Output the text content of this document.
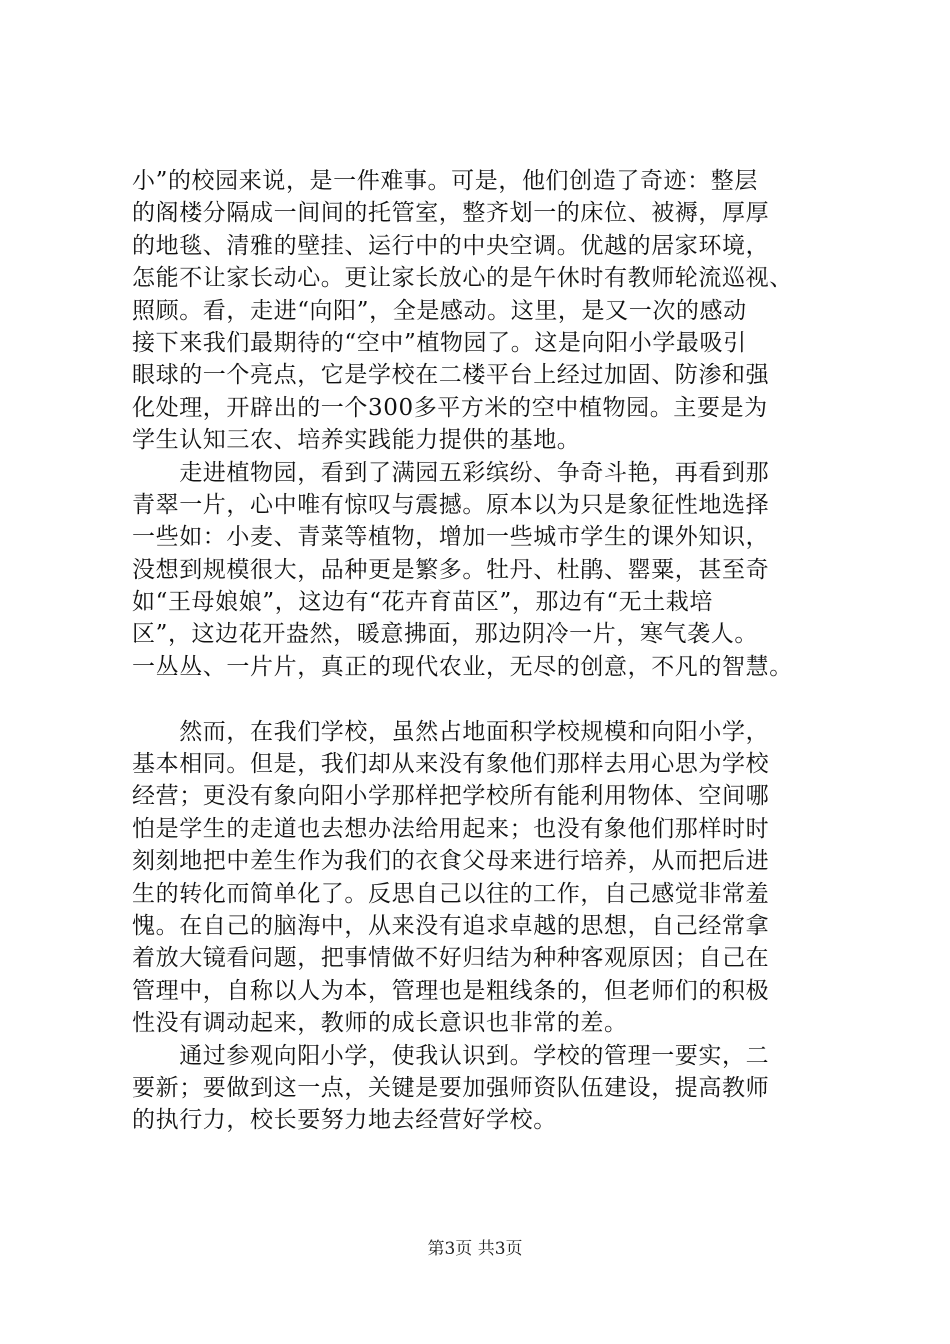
小”的校园来说，是一件难事。可是，他们创造了奇迹：整层
的阁楼分隔成一间间的托管室，整齐划一的床位、被褥，厚厚
的地毯、清雅的壁挂、运行中的中央空调。优越的居家环境，
怎能不让家长动心。更让家长放心的是午休时有教师轮流巡视、
照顾。看，走进“向阳”，全是感动。这里，是又一次的感动
接下来我们最期待的“空中”植物园了。这是向阳小学最吸引
眼球的一个亮点，它是学校在二楼平台上经过加固、防渗和强
化处理，开辟出的一个300多平方米的空中植物园。主要是为
学生认知三农、培养实践能力提供的基地。
　　走进植物园，看到了满园五彩缤纷、争奇斗艳，再看到那
青翠一片，心中唯有惊叹与震撼。原本以为只是象征性地选择
一些如：小麦、青菜等植物，增加一些城市学生的课外知识，
没想到规模很大，品种更是繁多。牡丹、杜鹃、罂粟，甚至奇
如“王母娘娘”，这边有“花卉育苗区”，那边有“无土栽培
区”，这边花开盎然，暖意拂面，那边阴冷一片，寒气袭人。
一丛丛、一片片，真正的现代农业，无尽的创意，不凡的智慧。
　　然而，在我们学校，虽然占地面积学校规模和向阳小学，
基本相同。但是，我们却从来没有象他们那样去用心思为学校
经营；更没有象向阳小学那样把学校所有能利用物体、空间哪
怕是学生的走道也去想办法给用起来；也没有象他们那样时时
刻刻地把中差生作为我们的衣食父母来进行培养，从而把后进
生的转化而简单化了。反思自己以往的工作，自己感觉非常羞
愧。在自己的脑海中，从来没有追求卓越的思想，自己经常拿
着放大镜看问题，把事情做不好归结为种种客观原因；自己在
管理中，自称以人为本，管理也是粗线条的，但老师们的积极
性没有调动起来，教师的成长意识也非常的差。
　　通过参观向阳小学，使我认识到。学校的管理一要实，二
要新；要做到这一点，关键是要加强师资队伍建设，提高教师
的执行力，校长要努力地去经营好学校。
第3页 共3页
